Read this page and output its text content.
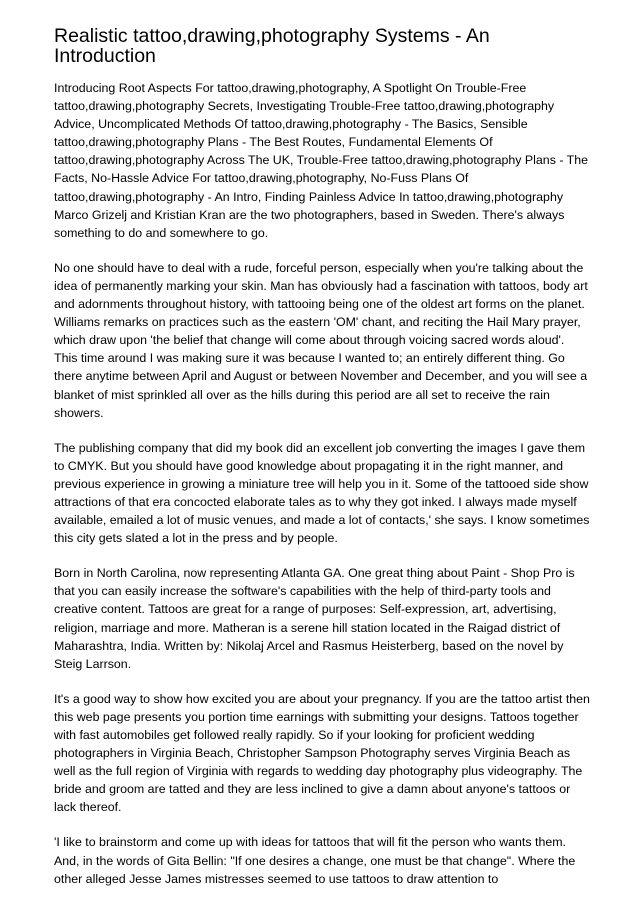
Realistic tattoo,drawing,photography Systems - An Introduction

Introducing Root Aspects For tattoo,drawing,photography, A Spotlight On Trouble-Free tattoo,drawing,photography Secrets, Investigating Trouble-Free tattoo,drawing,photography Advice, Uncomplicated Methods Of tattoo,drawing,photography - The Basics, Sensible tattoo,drawing,photography Plans - The Best Routes, Fundamental Elements Of tattoo,drawing,photography Across The UK, Trouble-Free tattoo,drawing,photography Plans - The Facts, No-Hassle Advice For tattoo,drawing,photography, No-Fuss Plans Of tattoo,drawing,photography - An Intro, Finding Painless Advice In tattoo,drawing,photography Marco Grizelj and Kristian Kran are the two photographers, based in Sweden. There's always something to do and somewhere to go.

No one should have to deal with a rude, forceful person, especially when you're talking about the idea of permanently marking your skin. Man has obviously had a fascination with tattoos, body art and adornments throughout history, with tattooing being one of the oldest art forms on the planet. Williams remarks on practices such as the eastern 'OM' chant, and reciting the Hail Mary prayer, which draw upon 'the belief that change will come about through voicing sacred words aloud'. This time around I was making sure it was because I wanted to; an entirely different thing. Go there anytime between April and August or between November and December, and you will see a blanket of mist sprinkled all over as the hills during this period are all set to receive the rain showers.

The publishing company that did my book did an excellent job converting the images I gave them to CMYK. But you should have good knowledge about propagating it in the right manner, and previous experience in growing a miniature tree will help you in it. Some of the tattooed side show attractions of that era concocted elaborate tales as to why they got inked. I always made myself available, emailed a lot of music venues, and made a lot of contacts,' she says. I know sometimes this city gets slated a lot in the press and by people.

Born in North Carolina, now representing Atlanta GA. One great thing about Paint - Shop Pro is that you can easily increase the software's capabilities with the help of third-party tools and creative content. Tattoos are great for a range of purposes: Self-expression, art, advertising, religion, marriage and more. Matheran is a serene hill station located in the Raigad district of Maharashtra, India. Written by: Nikolaj Arcel and Rasmus Heisterberg, based on the novel by Steig Larrson.

It's a good way to show how excited you are about your pregnancy. If you are the tattoo artist then this web page presents you portion time earnings with submitting your designs. Tattoos together with fast automobiles get followed really rapidly. So if your looking for proficient wedding photographers in Virginia Beach, Christopher Sampson Photography serves Virginia Beach as well as the full region of Virginia with regards to wedding day photography plus videography. The bride and groom are tatted and they are less inclined to give a damn about anyone's tattoos or lack thereof.

'I like to brainstorm and come up with ideas for tattoos that will fit the person who wants them. And, in the words of Gita Bellin: "If one desires a change, one must be that change". Where the other alleged Jesse James mistresses seemed to use tattoos to draw attention to
